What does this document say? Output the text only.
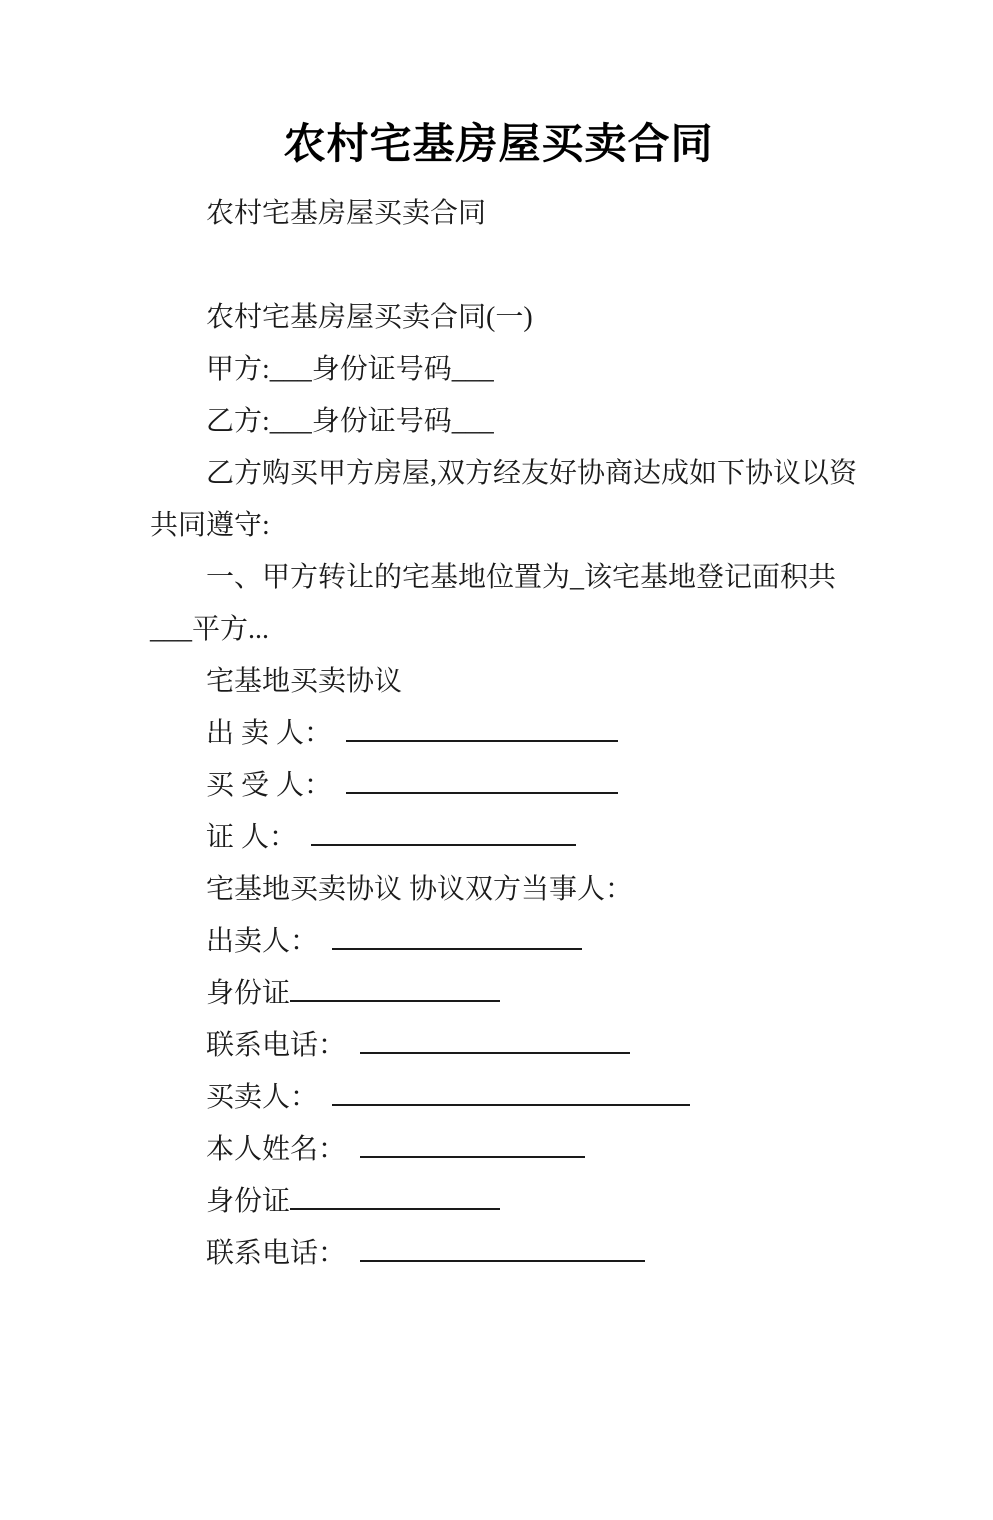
农村宅基房屋买卖合同

农村宅基房屋买卖合同

农村宅基房屋买卖合同(一)

甲方:___身份证号码___

乙方:___身份证号码___

乙方购买甲方房屋,双方经友好协商达成如下协议以资

共同遵守:

一、甲方转让的宅基地位置为_该宅基地登记面积共

___平方...

宅基地买卖协议

出 卖 人：

买 受 人：

证 人：

宅基地买卖协议 协议双方当事人：

出卖人：

身份证

联系电话：

买卖人：

本人姓名：

身份证

联系电话：
